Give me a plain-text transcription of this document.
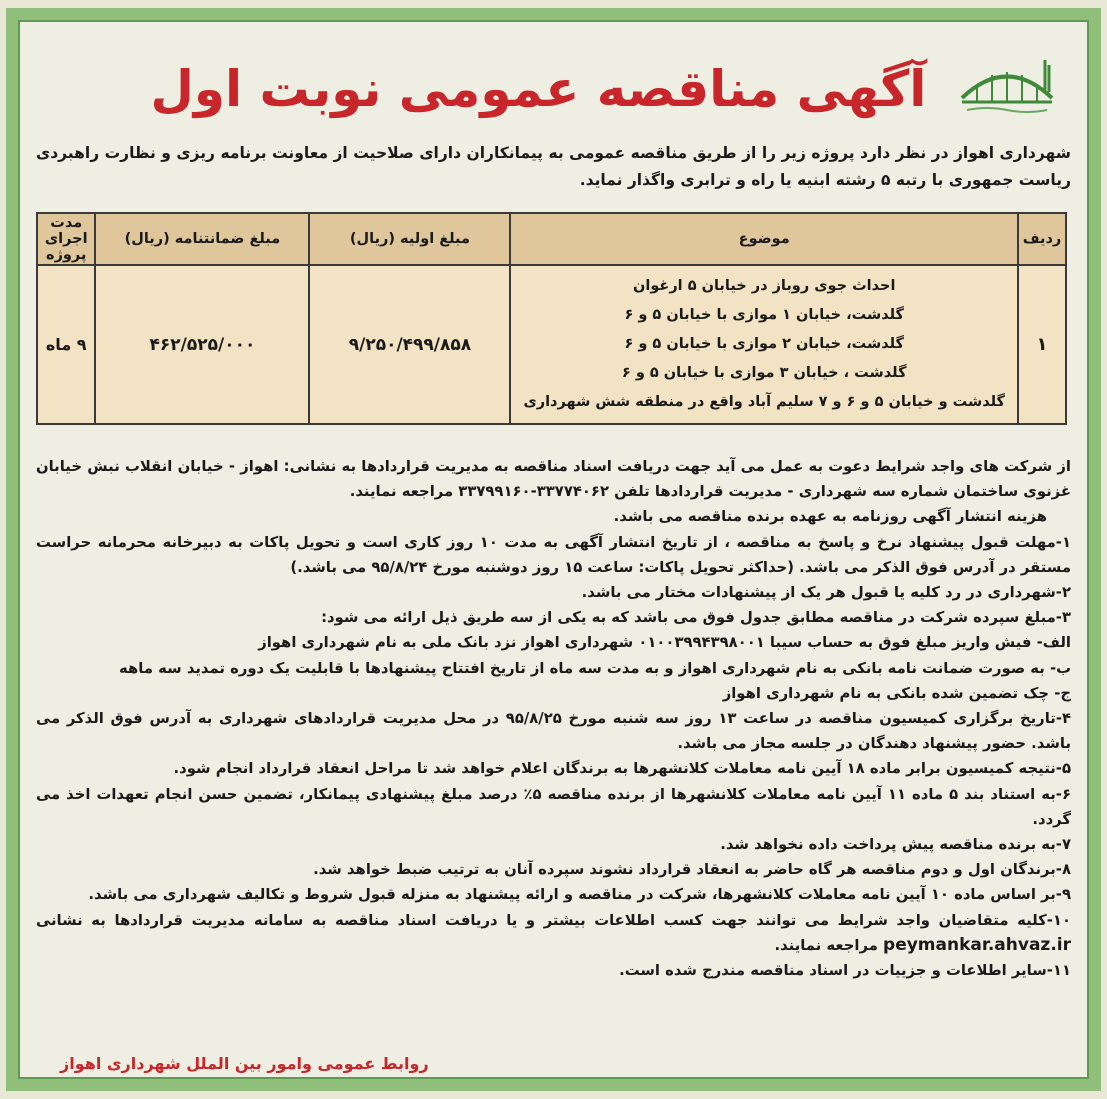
آگهی مناقصه عمومی نوبت اول
شهرداری اهواز در نظر دارد پروژه زیر را از طریق مناقصه عمومی به پیمانکاران دارای صلاحیت از معاونت برنامه ریزی و نظارت راهبردی ریاست جمهوری با رتبه ۵ رشته ابنیه یا راه و ترابری واگذار نماید.
ردیف	موضوع	مبلغ اولیه (ریال)	مبلغ ضمانتنامه (ریال)	مدت اجرای پروژه
۱	احداث جوی روباز در خیابان ۵ ارغوان
گلدشت، خیابان ۱ موازی با خیابان ۵ و ۶
گلدشت، خیابان ۲ موازی با خیابان ۵ و ۶
گلدشت ، خیابان ۳ موازی با خیابان ۵ و ۶
گلدشت و خیابان ۵ و ۶ و ۷ سلیم آباد واقع در منطقه شش شهرداری	۹/۲۵۰/۴۹۹/۸۵۸	۴۶۲/۵۲۵/۰۰۰	۹ ماه

از شرکت های واجد شرایط دعوت به عمل می آید جهت دریافت اسناد مناقصه به مدیریت قراردادها به نشانی: اهواز - خیابان انقلاب نبش خیابان غزنوی ساختمان شماره سه شهرداری - مدیریت قراردادها تلفن ۳۳۷۷۴۰۶۲-۳۳۷۹۹۱۶۰ مراجعه نمایند.

هزینه انتشار آگهی روزنامه به عهده برنده مناقصه می باشد.

۱-مهلت قبول پیشنهاد نرخ و پاسخ به مناقصه ، از تاریخ انتشار آگهی به مدت ۱۰ روز کاری است و تحویل پاکات به دبیرخانه محرمانه حراست مستقر در آدرس فوق الذکر می باشد. (حداکثر تحویل پاکات: ساعت ۱۵ روز دوشنبه مورخ ۹۵/۸/۲۴ می باشد.)

۲-شهرداری در رد کلیه یا قبول هر یک از پیشنهادات مختار می باشد.

۳-مبلغ سپرده شرکت در مناقصه مطابق جدول فوق می باشد که به یکی از سه طریق ذیل ارائه می شود:

الف- فیش واریز مبلغ فوق به حساب سیبا ۰۱۰۰۳۹۹۴۳۹۸۰۰۱ شهرداری اهواز نزد بانک ملی به نام شهرداری اهواز

ب- به صورت ضمانت نامه بانکی به نام شهرداری اهواز و به مدت سه ماه از تاریخ افتتاح پیشنهادها با قابلیت یک دوره تمدید سه ماهه

ج- چک تضمین شده بانکی به نام شهرداری اهواز

۴-تاریخ برگزاری کمیسیون مناقصه در ساعت ۱۳ روز سه شنبه مورخ ۹۵/۸/۲۵ در محل مدیریت قراردادهای شهرداری به آدرس فوق الذکر می باشد. حضور پیشنهاد دهندگان در جلسه مجاز می باشد.

۵-نتیجه کمیسیون برابر ماده ۱۸ آیین نامه معاملات کلانشهرها به برندگان اعلام خواهد شد تا مراحل انعقاد قرارداد انجام شود.

۶-به استناد بند ۵ ماده ۱۱ آیین نامه معاملات کلانشهرها از برنده مناقصه ۵٪ درصد مبلغ پیشنهادی پیمانکار، تضمین حسن انجام تعهدات اخذ می گردد.

۷-به برنده مناقصه پیش پرداخت داده نخواهد شد.

۸-برندگان اول و دوم مناقصه هر گاه حاضر به انعقاد قرارداد نشوند سپرده آنان به ترتیب ضبط خواهد شد.

۹-بر اساس ماده ۱۰ آیین نامه معاملات کلانشهرها، شرکت در مناقصه و ارائه پیشنهاد به منزله قبول شروط و تکالیف شهرداری می باشد.

۱۰-کلیه متقاضیان واجد شرایط می توانند جهت کسب اطلاعات بیشتر و یا دریافت اسناد مناقصه به سامانه مدیریت قراردادها به نشانی peymankar.ahvaz.ir مراجعه نمایند.

۱۱-سایر اطلاعات و جزییات در اسناد مناقصه مندرج شده است.

روابط عمومی وامور بین الملل شهرداری اهواز
